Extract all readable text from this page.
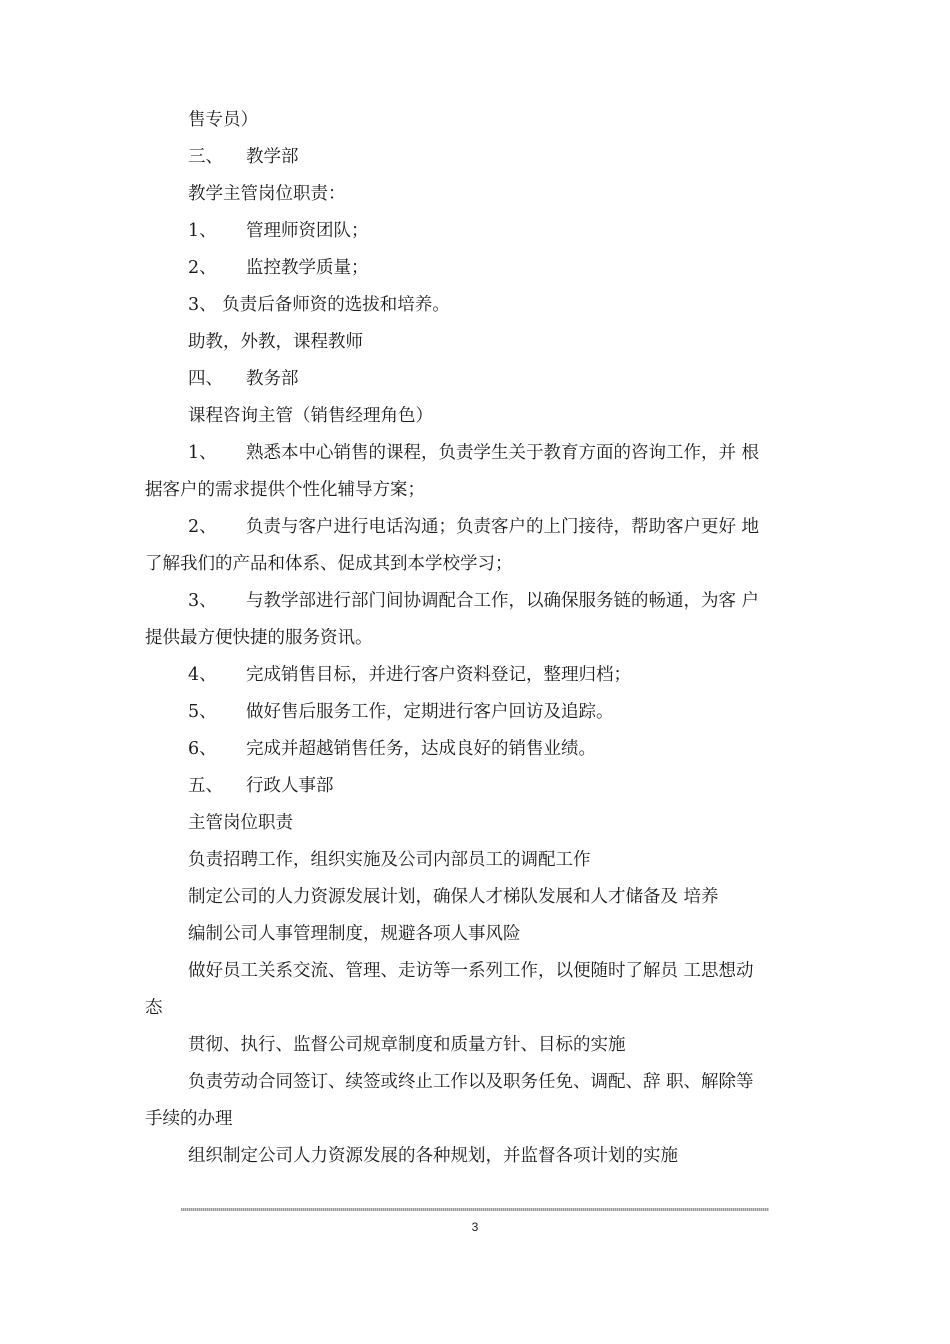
售专员）
三、 教学部
教学主管岗位职责：
1、 管理师资团队；
2、 监控教学质量；
3、 负责后备师资的选拔和培养。
助教，外教，课程教师
四、 教务部
课程咨询主管（销售经理角色）
1、 熟悉本中心销售的课程，负责学生关于教育方面的咨询工作，并 根
据客户的需求提供个性化辅导方案；
2、 负责与客户进行电话沟通；负责客户的上门接待，帮助客户更好 地
了解我们的产品和体系、促成其到本学校学习；
3、 与教学部进行部门间协调配合工作，以确保服务链的畅通，为客 户
提供最方便快捷的服务资讯。
4、 完成销售目标，并进行客户资料登记，整理归档；
5、 做好售后服务工作，定期进行客户回访及追踪。
6、 完成并超越销售任务，达成良好的销售业绩。
五、 行政人事部
主管岗位职责
负责招聘工作，组织实施及公司内部员工的调配工作
制定公司的人力资源发展计划，确保人才梯队发展和人才储备及 培养
编制公司人事管理制度，规避各项人事风险
做好员工关系交流、管理、走访等一系列工作，以便随时了解员 工思想动
态
贯彻、执行、监督公司规章制度和质量方针、目标的实施
负责劳动合同签订、续签或终止工作以及职务任免、调配、辞 职、解除等
手续的办理
组织制定公司人力资源发展的各种规划，并监督各项计划的实施
3
